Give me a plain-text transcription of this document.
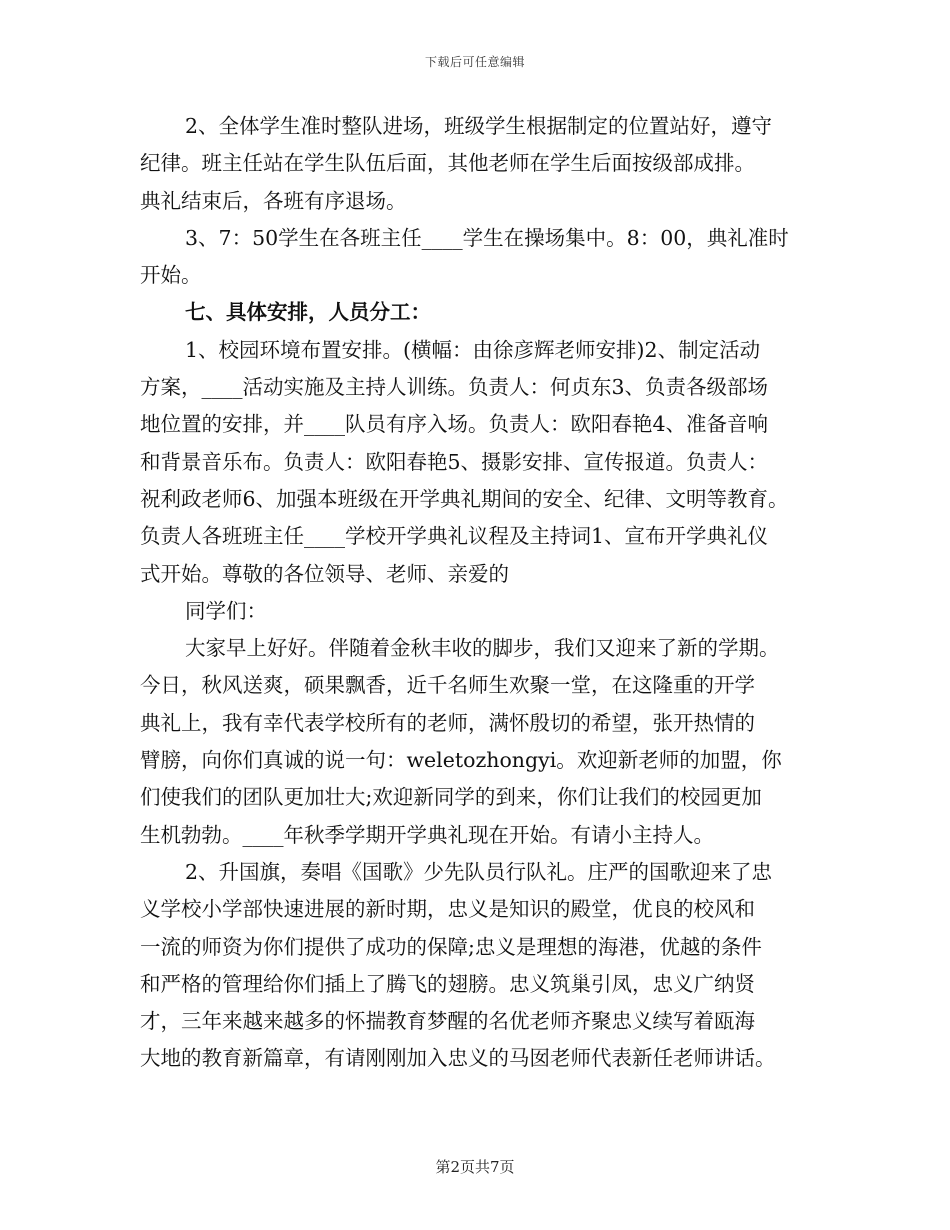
下载后可任意编辑
2、全体学生准时整队进场，班级学生根据制定的位置站好，遵守
纪律。班主任站在学生队伍后面，其他老师在学生后面按级部成排。
典礼结束后，各班有序退场。
3、7：50学生在各班主任____学生在操场集中。8：00，典礼准时
开始。
七、具体安排，人员分工：
1、校园环境布置安排。(横幅：由徐彦辉老师安排)2、制定活动
方案，____活动实施及主持人训练。负责人：何贞东3、负责各级部场
地位置的安排，并____队员有序入场。负责人：欧阳春艳4、准备音响
和背景音乐布。负责人：欧阳春艳5、摄影安排、宣传报道。负责人：
祝利政老师6、加强本班级在开学典礼期间的安全、纪律、文明等教育。
负责人各班班主任____学校开学典礼议程及主持词1、宣布开学典礼仪
式开始。尊敬的各位领导、老师、亲爱的
同学们：
大家早上好好。伴随着金秋丰收的脚步，我们又迎来了新的学期。
今日，秋风送爽，硕果飘香，近千名师生欢聚一堂，在这隆重的开学
典礼上，我有幸代表学校所有的老师，满怀殷切的希望，张开热情的
臂膀，向你们真诚的说一句：weletozhongyi。欢迎新老师的加盟，你
们使我们的团队更加壮大;欢迎新同学的到来，你们让我们的校园更加
生机勃勃。____年秋季学期开学典礼现在开始。有请小主持人。
2、升国旗，奏唱《国歌》少先队员行队礼。庄严的国歌迎来了忠
义学校小学部快速进展的新时期，忠义是知识的殿堂，优良的校风和
一流的师资为你们提供了成功的保障;忠义是理想的海港，优越的条件
和严格的管理给你们插上了腾飞的翅膀。忠义筑巢引凤，忠义广纳贤
才，三年来越来越多的怀揣教育梦醒的名优老师齐聚忠义续写着瓯海
大地的教育新篇章，有请刚刚加入忠义的马囡老师代表新任老师讲话。
第2页共7页
